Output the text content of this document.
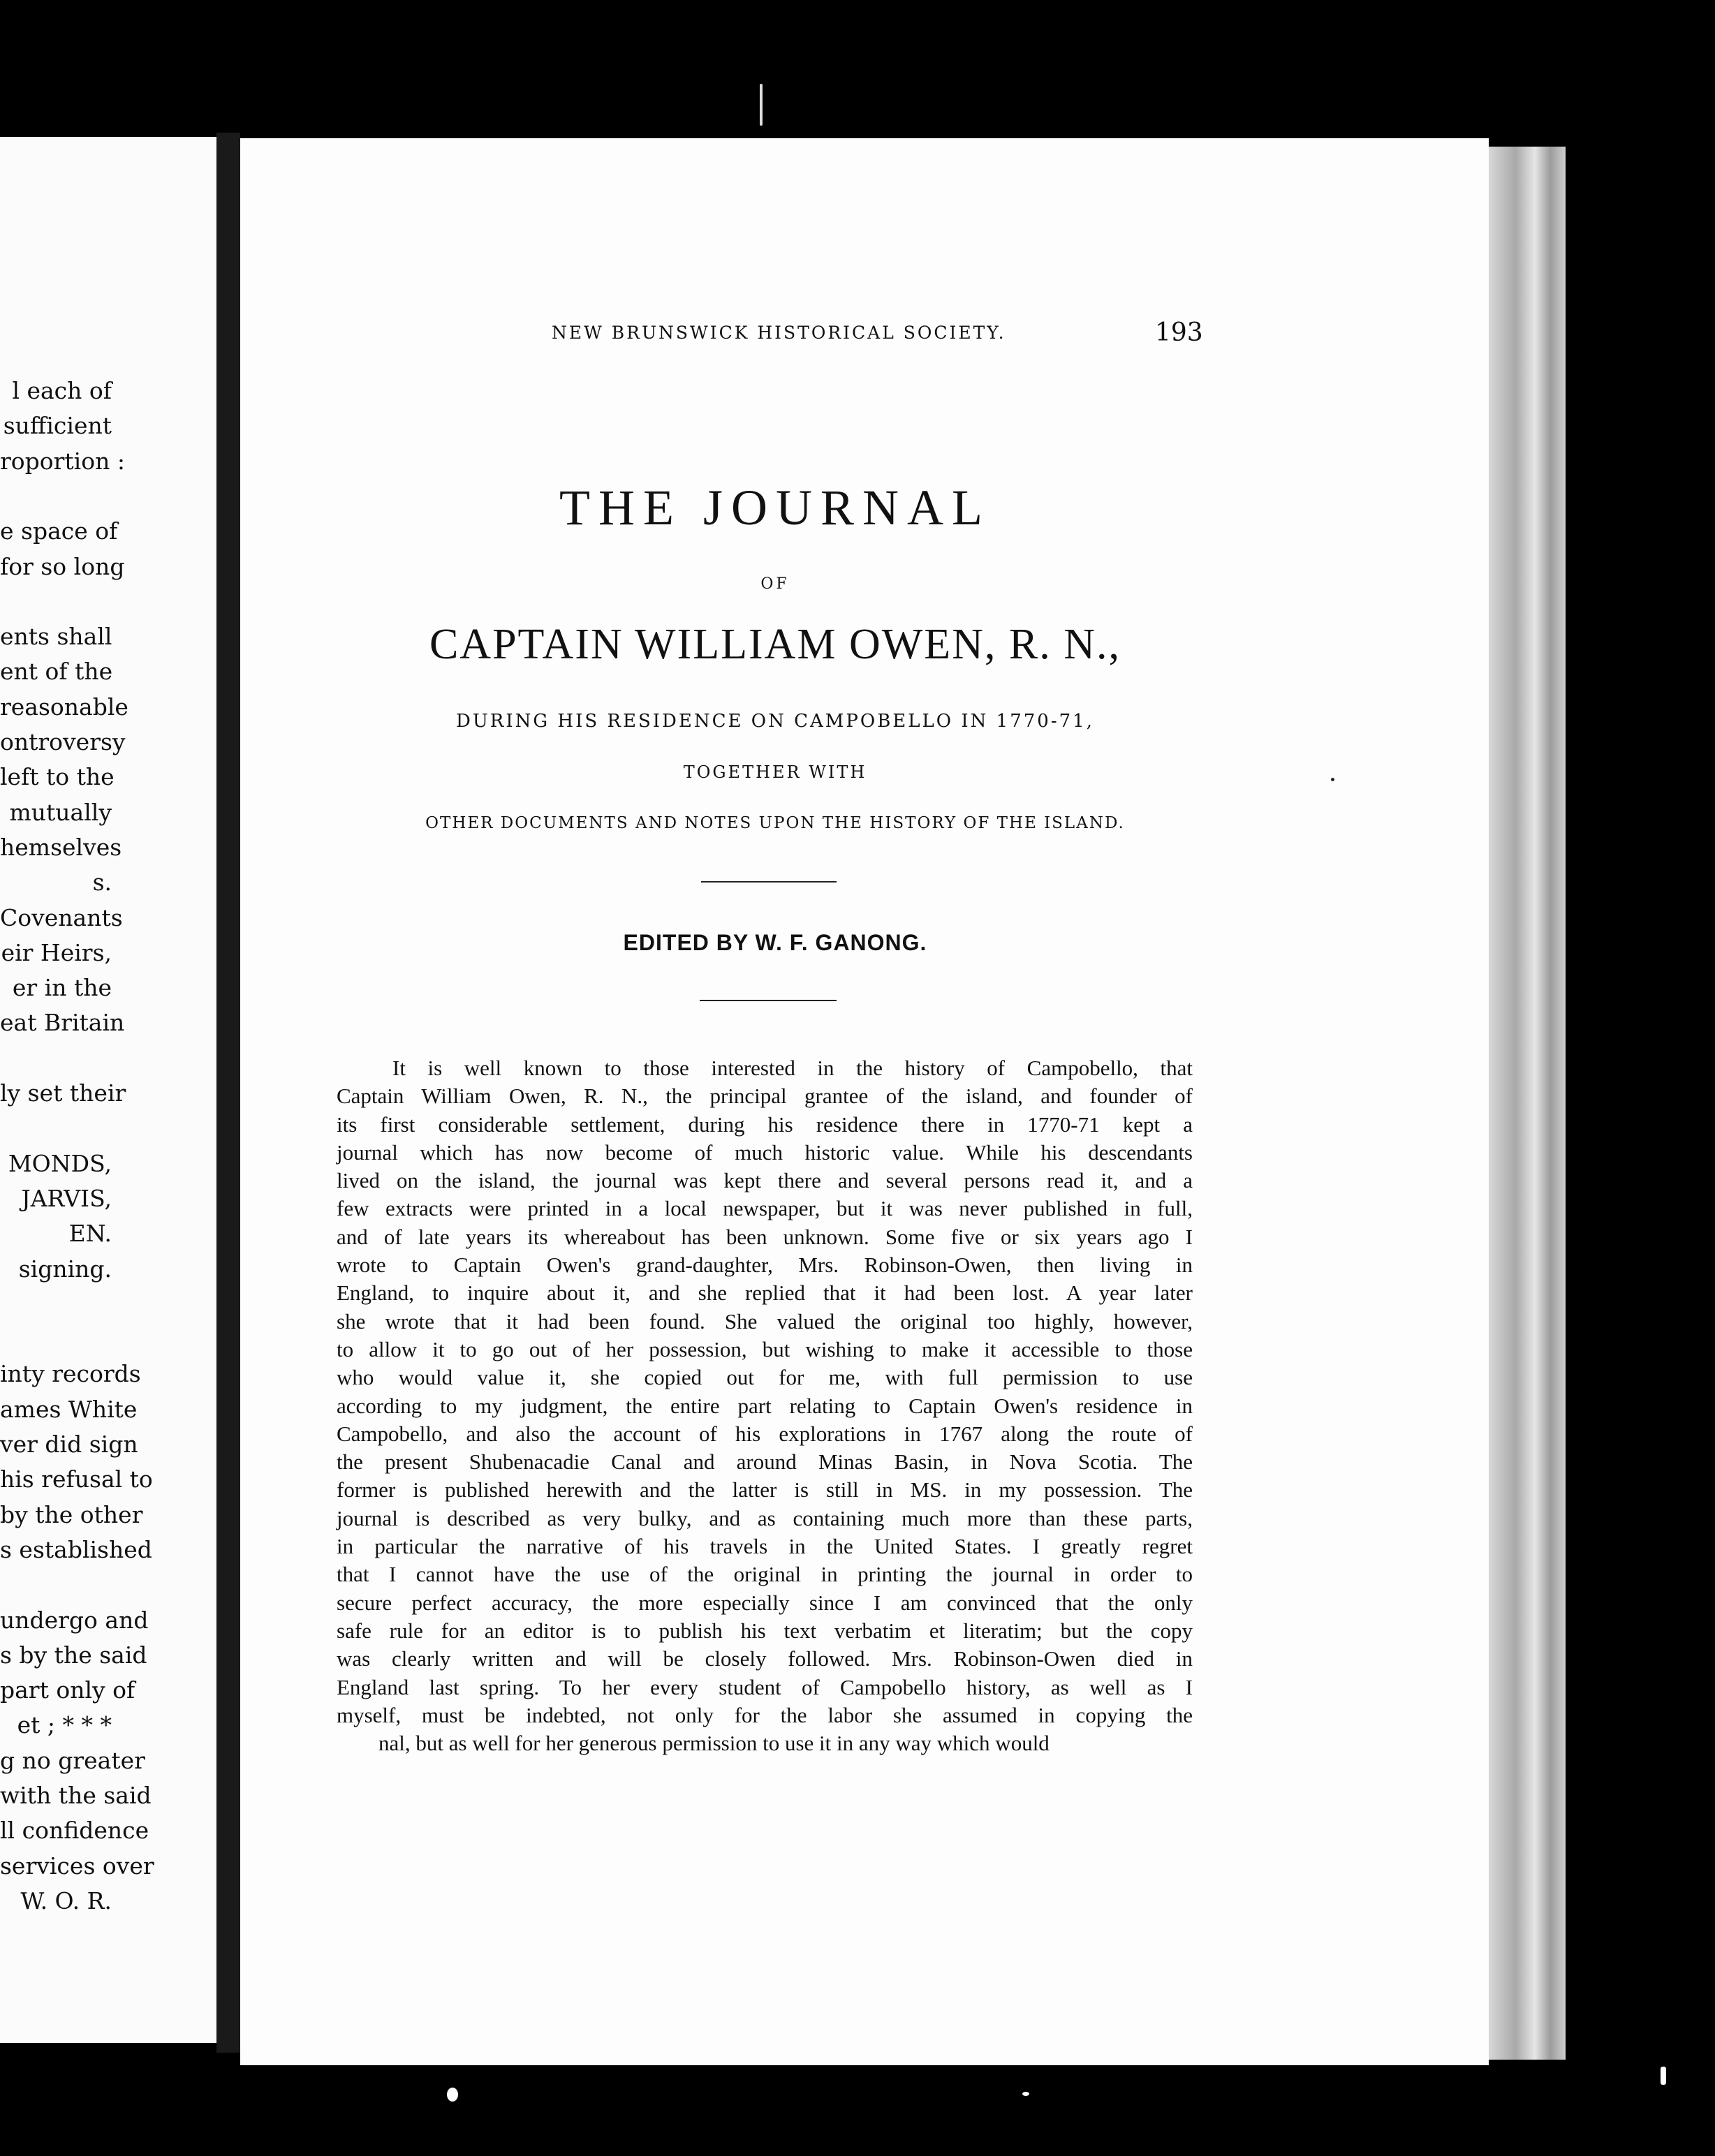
l each of
sufficient
roportion :
e space of
for so long
ents shall
ent of the
reasonable
ontroversy
left to the
mutually
hemselves
s.
Covenants
eir Heirs,
er in the
eat Britain
ly set their
MONDS,
JARVIS,
EN.
signing.
inty records
ames White
ver did sign
his refusal to
by the other
s established
undergo and
s by the said
part only of
et ; * * *
g no greater
with the said
ll confidence
services over
W. O. R.
NEW BRUNSWICK HISTORICAL SOCIETY.	193
THE JOURNAL
OF
CAPTAIN WILLIAM OWEN, R. N.,
DURING HIS RESIDENCE ON CAMPOBELLO IN 1770-71,
TOGETHER WITH
OTHER DOCUMENTS AND NOTES UPON THE HISTORY OF THE ISLAND.
EDITED BY W. F. GANONG.
It is well known to those interested in the history of Campobello, that
Captain William Owen, R. N., the principal grantee of the island, and founder of
its first considerable settlement, during his residence there in 1770-71 kept a
journal which has now become of much historic value. While his descendants
lived on the island, the journal was kept there and several persons read it, and a
few extracts were printed in a local newspaper, but it was never published in full,
and of late years its whereabout has been unknown. Some five or six years ago I
wrote to Captain Owen's grand-daughter, Mrs. Robinson-Owen, then living in
England, to inquire about it, and she replied that it had been lost. A year later
she wrote that it had been found. She valued the original too highly, however,
to allow it to go out of her possession, but wishing to make it accessible to those
who would value it, she copied out for me, with full permission to use
according to my judgment, the entire part relating to Captain Owen's residence in
Campobello, and also the account of his explorations in 1767 along the route of
the present Shubenacadie Canal and around Minas Basin, in Nova Scotia. The
former is published herewith and the latter is still in MS. in my possession. The
journal is described as very bulky, and as containing much more than these parts,
in particular the narrative of his travels in the United States. I greatly regret
that I cannot have the use of the original in printing the journal in order to
secure perfect accuracy, the more especially since I am convinced that the only
safe rule for an editor is to publish his text verbatim et literatim; but the copy
was clearly written and will be closely followed. Mrs. Robinson-Owen died in
England last spring. To her every student of Campobello history, as well as I
myself, must be indebted, not only for the labor she assumed in copying the
nal, but as well for her generous permission to use it in any way which would
